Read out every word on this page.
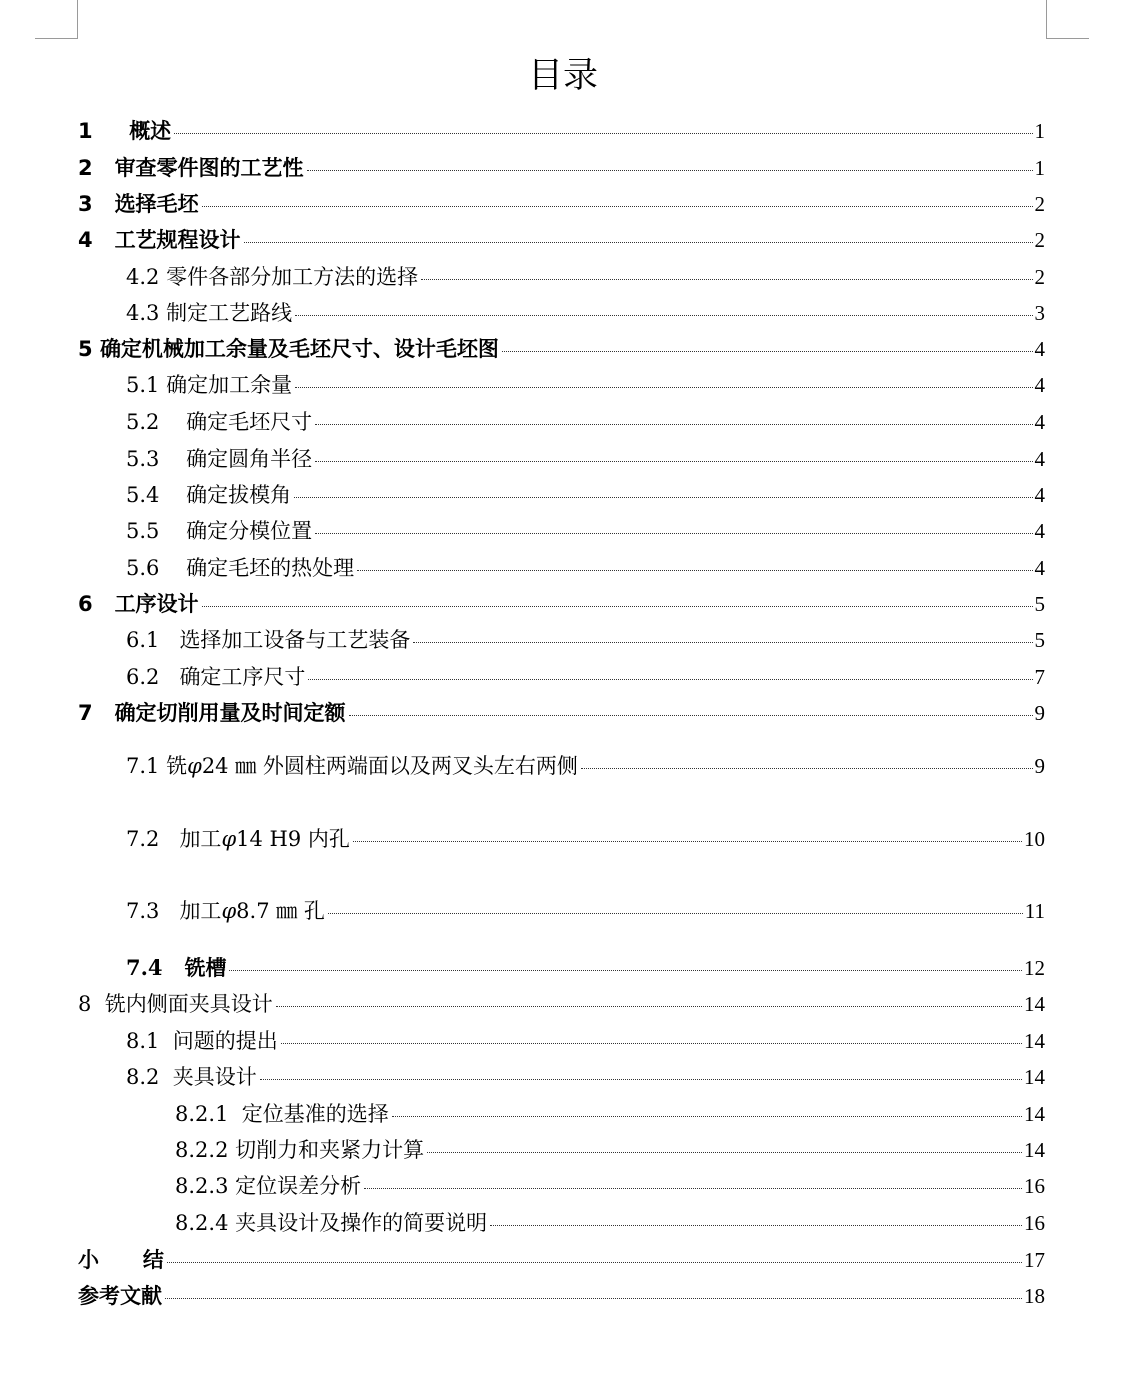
目录
1 概述	1
2 审查零件图的工艺性	1
3 选择毛坯	2
4 工艺规程设计	2
4.2 零件各部分加工方法的选择	2
4.3 制定工艺路线	3
5 确定机械加工余量及毛坯尺寸、设计毛坯图	4
5.1 确定加工余量	4
5.2 确定毛坯尺寸	4
5.3 确定圆角半径	4
5.4 确定拔模角	4
5.5 确定分模位置	4
5.6 确定毛坯的热处理	4
6 工序设计	5
6.1 选择加工设备与工艺装备	5
6.2 确定工序尺寸	7
7 确定切削用量及时间定额	9
7.1 铣φ24 ㎜ 外圆柱两端面以及两叉头左右两侧	9
7.2 加工φ14 H9 内孔	10
7.3 加工φ8.7 ㎜ 孔	11
7.4 铣槽	12
8 铣内侧面夹具设计	14
8.1 问题的提出	14
8.2 夹具设计	14
8.2.1 定位基准的选择	14
8.2.2 切削力和夹紧力计算	14
8.2.3 定位误差分析	16
8.2.4 夹具设计及操作的简要说明	16
小      结	17
参考文献	18
